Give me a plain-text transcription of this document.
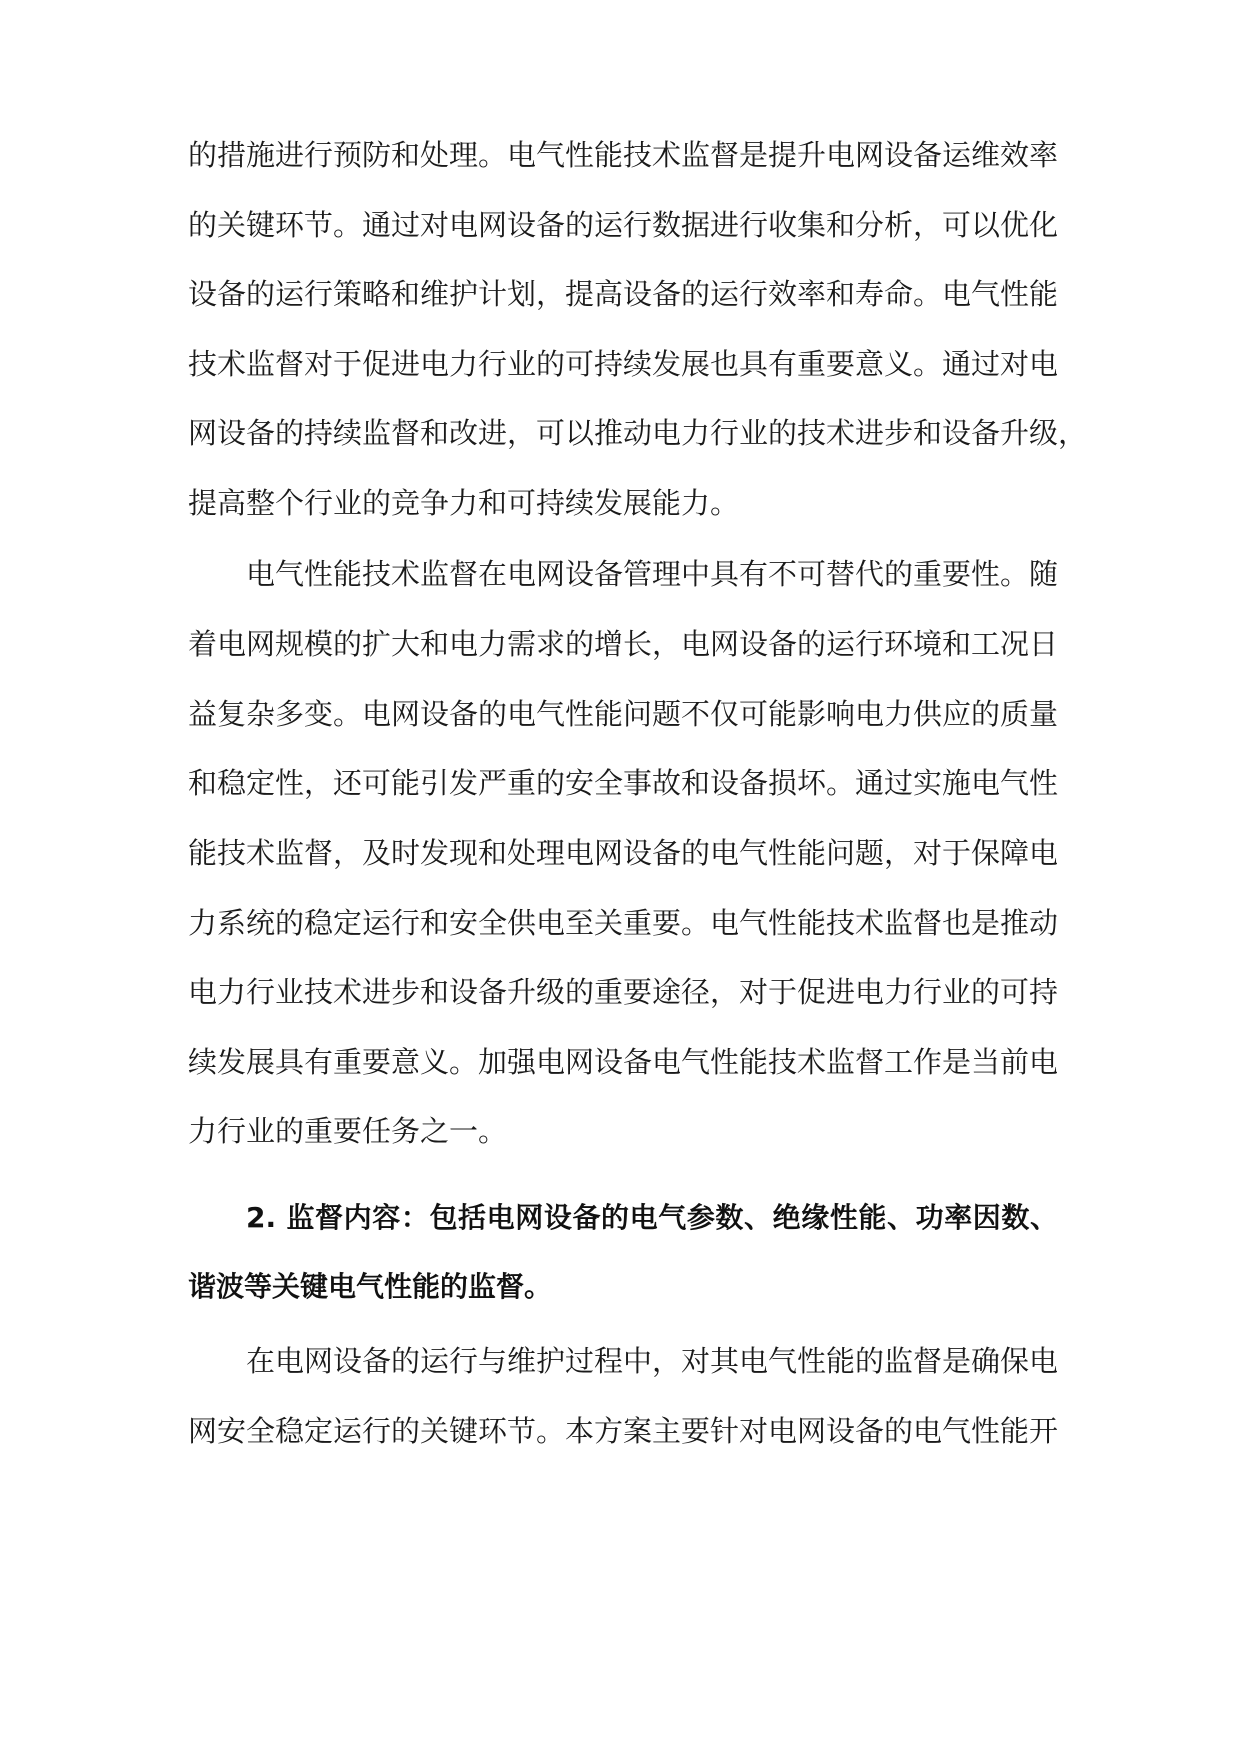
的措施进行预防和处理。电气性能技术监督是提升电网设备运维效率
的关键环节。通过对电网设备的运行数据进行收集和分析，可以优化
设备的运行策略和维护计划，提高设备的运行效率和寿命。电气性能
技术监督对于促进电力行业的可持续发展也具有重要意义。通过对电
网设备的持续监督和改进，可以推动电力行业的技术进步和设备升级，
提高整个行业的竞争力和可持续发展能力。
电气性能技术监督在电网设备管理中具有不可替代的重要性。随
着电网规模的扩大和电力需求的增长，电网设备的运行环境和工况日
益复杂多变。电网设备的电气性能问题不仅可能影响电力供应的质量
和稳定性，还可能引发严重的安全事故和设备损坏。通过实施电气性
能技术监督，及时发现和处理电网设备的电气性能问题，对于保障电
力系统的稳定运行和安全供电至关重要。电气性能技术监督也是推动
电力行业技术进步和设备升级的重要途径，对于促进电力行业的可持
续发展具有重要意义。加强电网设备电气性能技术监督工作是当前电
力行业的重要任务之一。
2. 监督内容：包括电网设备的电气参数、绝缘性能、功率因数、
谐波等关键电气性能的监督。
在电网设备的运行与维护过程中，对其电气性能的监督是确保电
网安全稳定运行的关键环节。本方案主要针对电网设备的电气性能开
